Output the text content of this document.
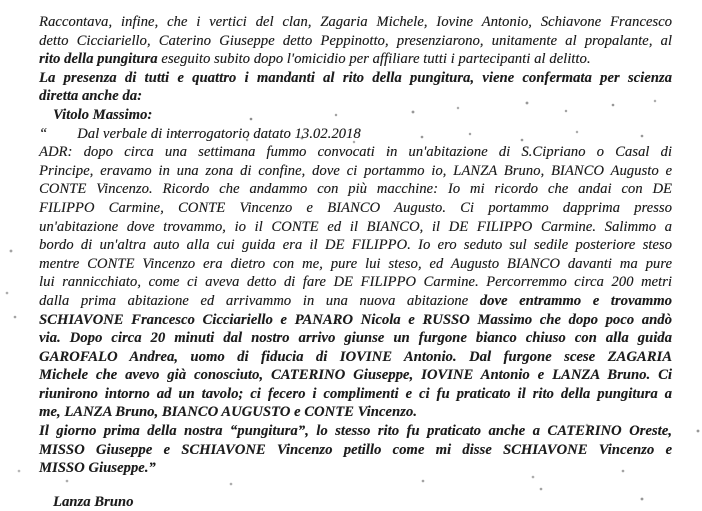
Raccontava, infine, che i vertici del clan, Zagaria Michele, Iovine Antonio, Schiavone Francesco
detto Cicciariello, Caterino Giuseppe detto Peppinotto, presenziarono, unitamente al propalante, al
rito della pungitura eseguito subito dopo l'omicidio per affiliare tutti i partecipanti al delitto.
La presenza di tutti e quattro i mandanti al rito della pungitura, viene confermata per scienza
diretta anche da:
Vitolo Massimo:
“ Dal verbale di interrogatorio datato 13.02.2018
ADR: dopo circa una settimana fummo convocati in un'abitazione di S.Cipriano o Casal di
Principe, eravamo in una zona di confine, dove ci portammo io, LANZA Bruno, BIANCO Augusto e
CONTE Vincenzo. Ricordo che andammo con più macchine: Io mi ricordo che andai con DE
FILIPPO Carmine, CONTE Vincenzo e BIANCO Augusto. Ci portammo dapprima presso
un'abitazione dove trovammo, io il CONTE ed il BIANCO, il DE FILIPPO Carmine. Salimmo a
bordo di un'altra auto alla cui guida era il DE FILIPPO. Io ero seduto sul sedile posteriore steso
mentre CONTE Vincenzo era dietro con me, pure lui steso, ed Augusto BIANCO davanti ma pure
lui rannicchiato, come ci aveva detto di fare DE FILIPPO Carmine. Percorremmo circa 200 metri
dalla prima abitazione ed arrivammo in una nuova abitazione dove entrammo e trovammo
SCHIAVONE Francesco Cicciariello e PANARO Nicola e RUSSO Massimo che dopo poco andò
via. Dopo circa 20 minuti dal nostro arrivo giunse un furgone bianco chiuso con alla guida
GAROFALO Andrea, uomo di fiducia di IOVINE Antonio. Dal furgone scese ZAGARIA
Michele che avevo già conosciuto, CATERINO Giuseppe, IOVINE Antonio e LANZA Bruno. Ci
riunirono intorno ad un tavolo; ci fecero i complimenti e ci fu praticato il rito della pungitura a
me, LANZA Bruno, BIANCO AUGUSTO e CONTE Vincenzo.
Il giorno prima della nostra “pungitura”, lo stesso rito fu praticato anche a CATERINO Oreste,
MISSO Giuseppe e SCHIAVONE Vincenzo petillo come mi disse SCHIAVONE Vincenzo e
MISSO Giuseppe.”
Lanza Bruno
